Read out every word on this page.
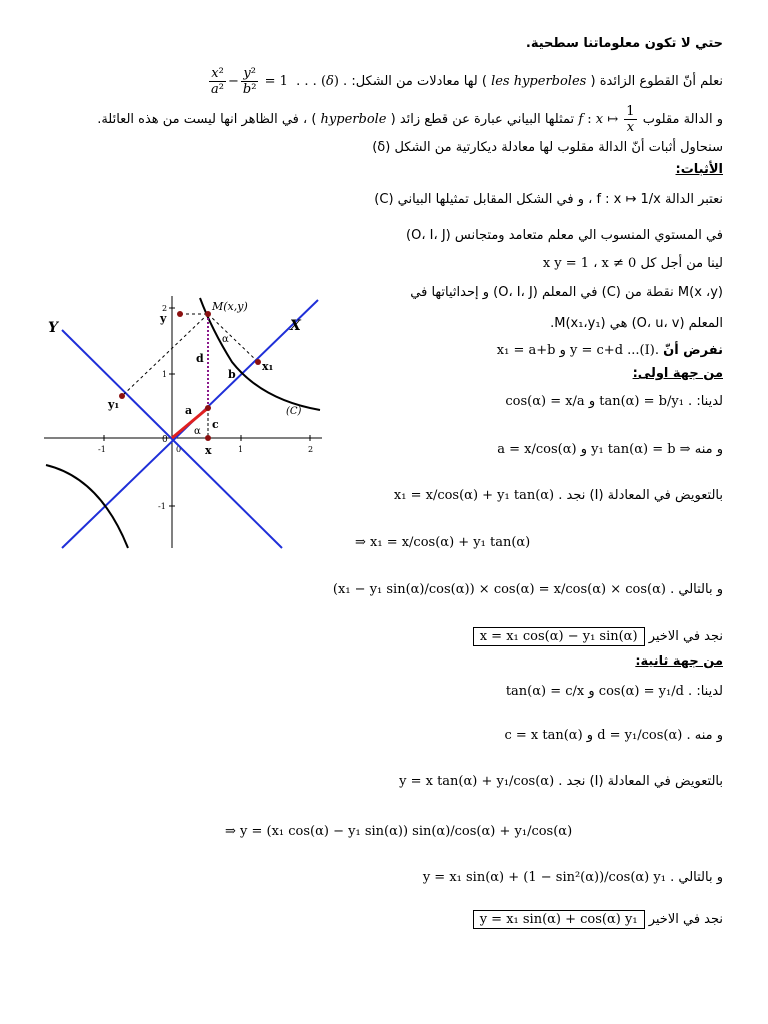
حتي لا تكون معلوماتنا سطحية.
نعلم أنّ القطوع الزائدة ( les hyperboles ) لها معادلات من الشكل:
$\frac{\text{x²}}{\text{a²}} - \frac{\text{y²}}{\text{b²}} = 1$  . . . (δ) .
و الدالة مقلوب f : x ↦ $\frac{1}{x}$
تمثلها البياني عبارة عن قطع زائد ( hyperbole ) ، في الظاهر انها ليست من هذه العائلة.
سنحاول أثبات أنّ الدالة مقلوب لها معادلة ديكارتية من الشكل (δ)
الأثبات:
نعتبر الدالة f : x ↦ 1/x ، و في الشكل المقابل تمثيلها البياني (C)
في المستوي المنسوب الي معلم متعامد ومتجانس (O، I، J)
لينا من أجل كل x y = 1 ، x ≠ 0
M(x ،y) نقطة من (C) في المعلم (O، I، J) و إحداثياتها في
المعلم (O، u، v) هي M(x₁،y₁).
نفرض أنّ x₁ = a+b و y = c+d ...(I).
من جهة اولى:
لدينا: cos(α) = x/a و tan(α) = b/y₁ .
و منه a = x/cos(α) و y₁ tan(α) = b ⇒
بالتعويض في المعادلة (I) نجد x₁ = x/cos(α) + y₁ tan(α) .
⇒ x₁ = x/cos(α) + y₁ tan(α)
و بالتالي (x₁ − y₁ sin(α)/cos(α)) × cos(α) = x/cos(α) × cos(α) .
نجد في الاخير x = x₁ cos(α) − y₁ sin(α)
من جهة ثانية:
لدينا: tan(α) = c/x و cos(α) = y₁/d .
و منه c = x tan(α) و d = y₁/cos(α) .
بالتعويض في المعادلة (I) نجد y = x tan(α) + y₁/cos(α) .
⇒ y = (x₁ cos(α) − y₁ sin(α)) sin(α)/cos(α) + y₁/cos(α)
و بالتالي y = x₁ sin(α) + (1 − sin²(α))/cos(α) y₁ .
نجد في الاخير y = x₁ sin(α) + cos(α) y₁
-1	0	1	2
2
1
-1
M(x,y)
(C)
X
Y
y
x
x₁
y₁	a
b
c
d
α
α
0
